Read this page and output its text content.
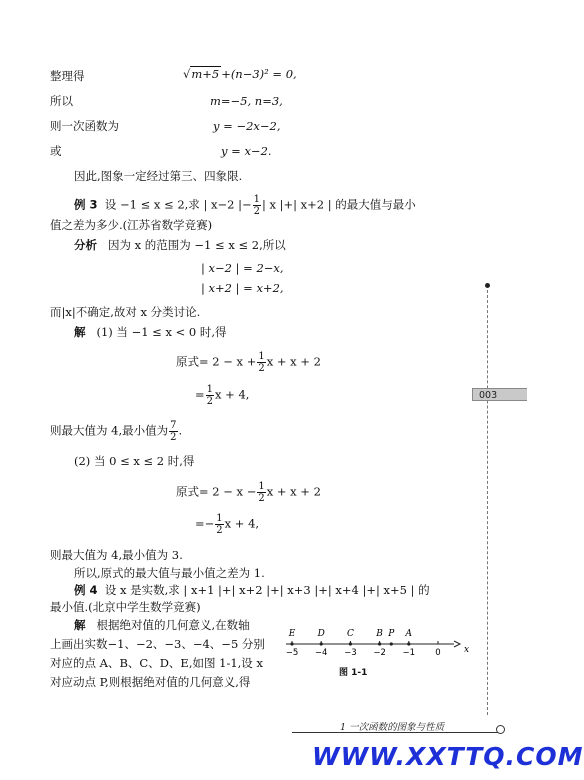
整理得	√m+5 +(n−3)² = 0,
所以	m=−5, n=3,
则一次函数为	y = −2x−2,
或	y = x−2.
因此,图象一定经过第三、四象限.
例 3 设 −1 ≤ x ≤ 2,求 | x−2 |− $\frac{1}{2}$ | x |+| x+2 | 的最大值与最小
值之差为多少.(江苏省数学竞赛)
分析 因为 x 的范围为 −1 ≤ x ≤ 2,所以
| x−2 | = 2−x,
| x+2 | = x+2,
而|x|不确定,故对 x 分类讨论.
解 (1) 当 −1 ≤ x < 0 时,得
原式= $2 - x + \frac{1}{2}$ x + x + 2
= $\frac{1}{2}$ x + 4,
则最大值为 4,最小值为 $\frac{7}{2}$ .
(2) 当 0 ≤ x ≤ 2 时,得
原式= $2 - x - \frac{1}{2}$ x + x + 2
=− $\frac{1}{2}$ x + 4,
则最大值为 4,最小值为 3.
所以,原式的最大值与最小值之差为 1.
例 4 设 x 是实数,求 | x+1 |+| x+2 |+| x+3 |+| x+4 |+| x+5 | 的
最小值.(北京中学生数学竞赛)
解 根据绝对值的几何意义,在数轴
上画出实数−1、−2、−3、−4、−5 分别
对应的点 A、B、C、D、E,如图 1-1,设 x
对应动点 P,则根据绝对值的几何意义,得
−5 −4 −3 −2 −1 0
E D C B P A
x
图 1-1
003
1 一次函数的图象与性质
WWW.XXTTQ.COM
